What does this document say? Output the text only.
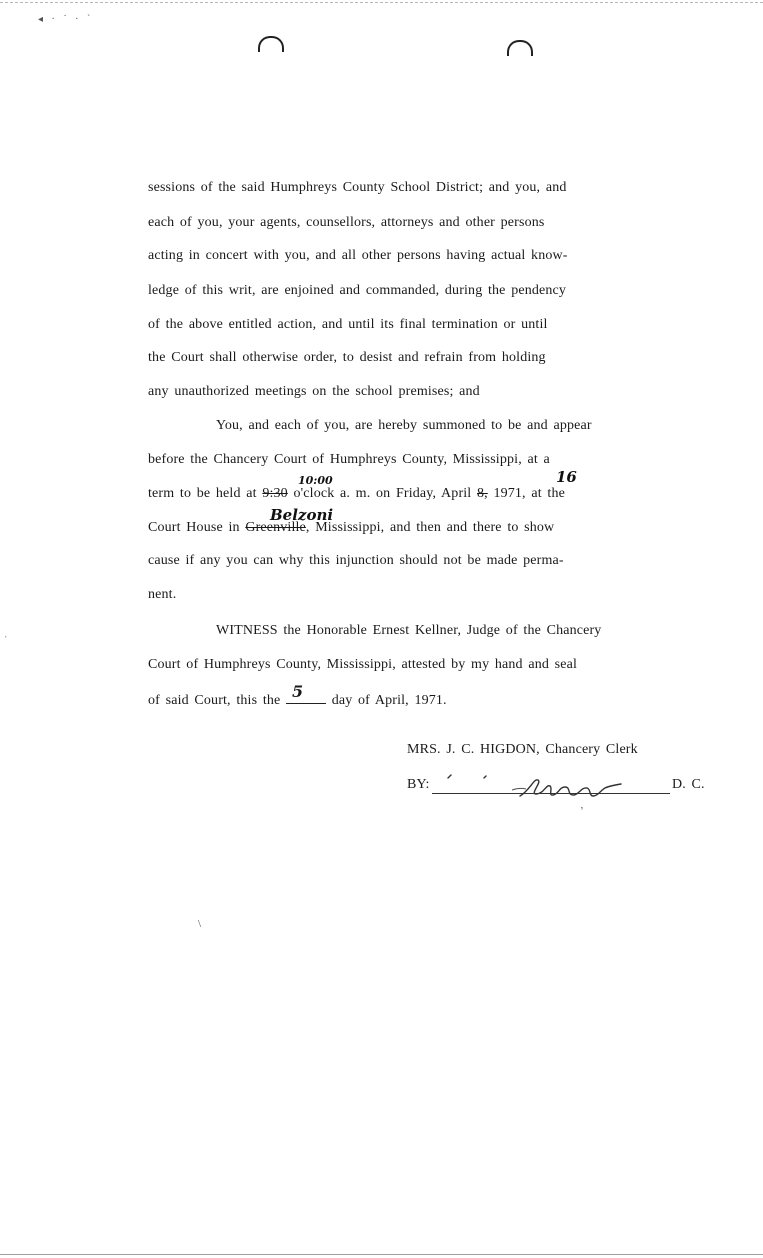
◂ · ˙ · ˋ
sessions of the said Humphreys County School District; and you, and
each of you, your agents, counsellors, attorneys and other persons
acting in concert with you, and all other persons having actual know-
ledge of this writ, are enjoined and commanded, during the pendency
of the above entitled action, and until its final termination or until
the Court shall otherwise order, to desist and refrain from holding
any unauthorized meetings on the school premises; and
You, and each of you, are hereby summoned to be and appear
before the Chancery Court of Humphreys County, Mississippi, at a
10:00	16
term to be held at 9:30 o'clock a. m. on Friday, April 8, 1971, at the
Belzoni
Court House in Greenville, Mississippi, and then and there to show
cause if any you can why this injunction should not be made perma-
nent.
WITNESS the Honorable Ernest Kellner, Judge of the Chancery
Court of Humphreys County, Mississippi, attested by my hand and seal
of said Court, this the 5 day of April, 1971.
MRS. J. C. HIGDON, Chancery Clerk
BY:	D. C.
ʼ
\
ˈ
